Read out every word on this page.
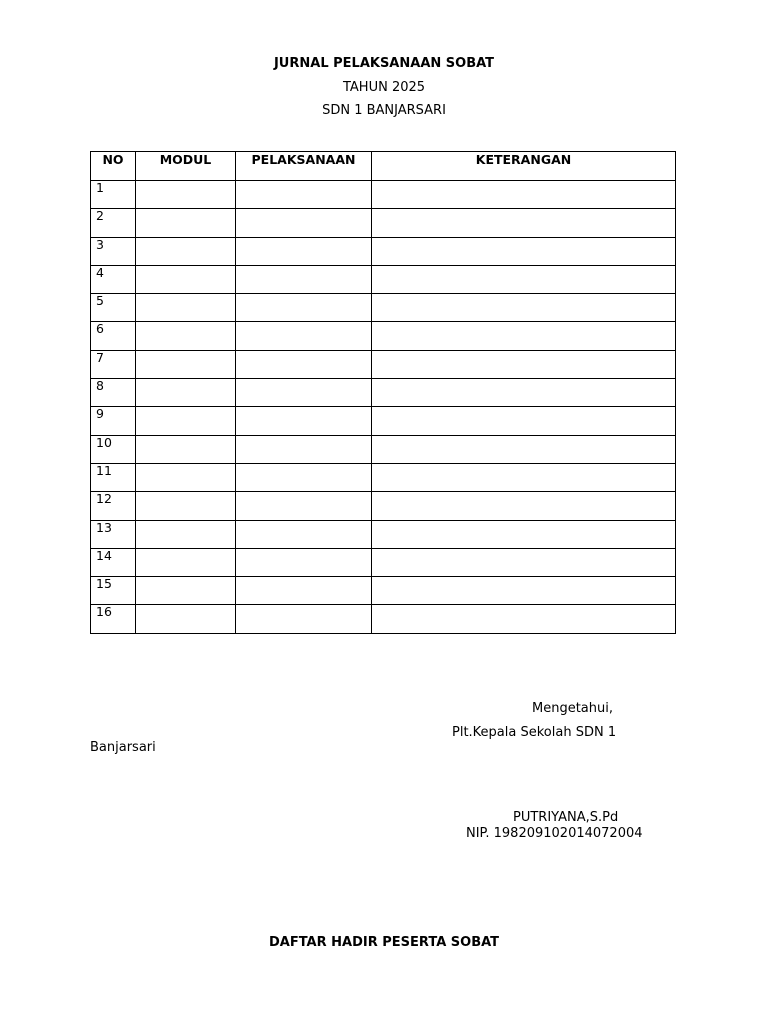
JURNAL PELAKSANAAN SOBAT
TAHUN 2025
SDN 1 BANJARSARI
NO	MODUL	PELAKSANAAN	KETERANGAN
1			
2			
3			
4			
5			
6			
7			
8			
9			
10			
11			
12			
13			
14			
15			
16			
Mengetahui,
Plt.Kepala Sekolah SDN 1
Banjarsari
PUTRIYANA,S.Pd
NIP. 198209102014072004
DAFTAR HADIR PESERTA SOBAT
